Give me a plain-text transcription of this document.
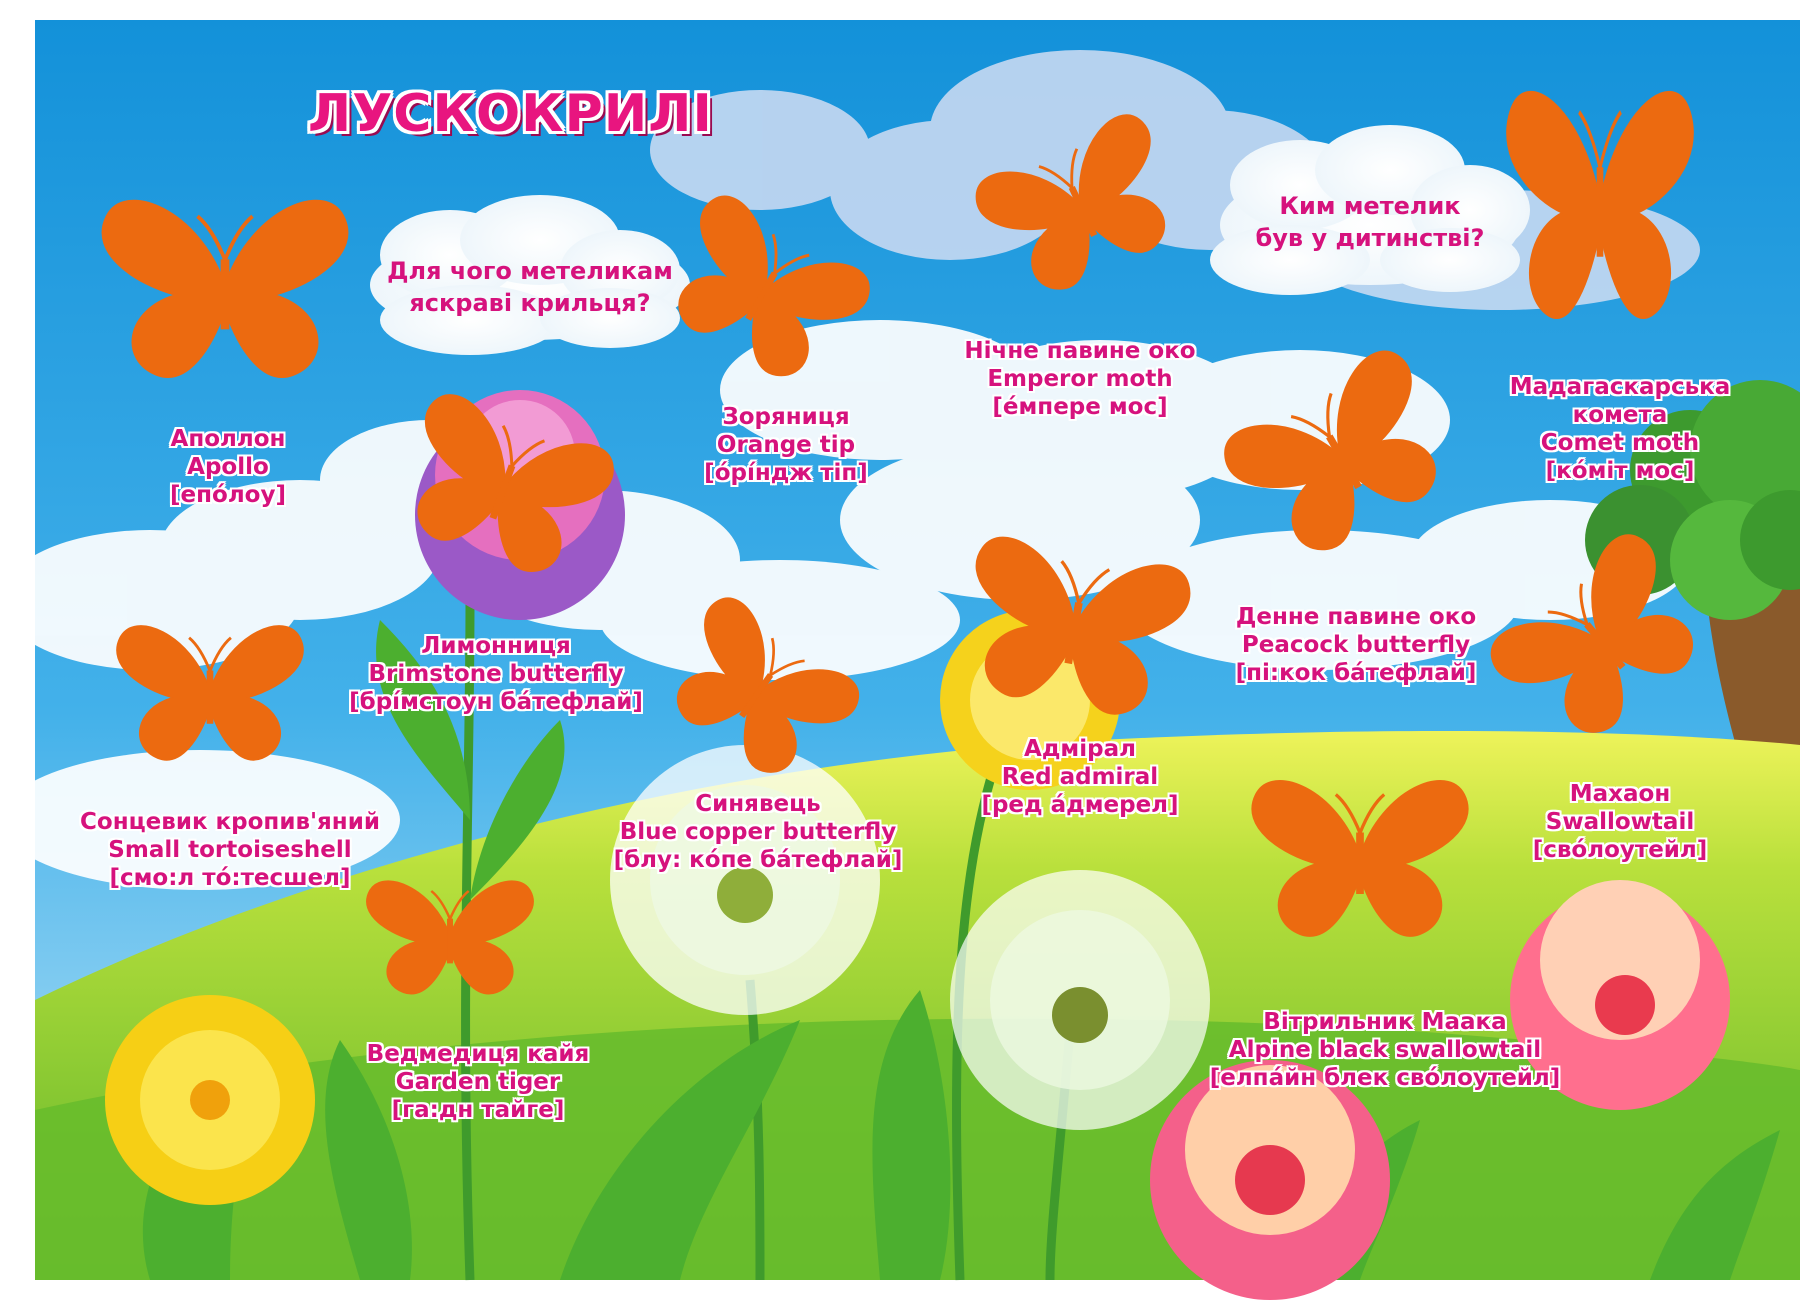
ЛУСКОКРИЛІ
Для чого метеликам
яскраві крильця?
Ким метелик
був у дитинстві?
Аполлон
Apollo
[епо́лоу]
Зоряниця
Orange tip
[о́рíндж тіп]
Нічне павине око
Emperor moth
[е́мпере мос]
Мадагаскарська комета
Comet moth
[ко́міт мос]
Лимонниця
Brimstone butterfly
[брі́мстоун ба́тефлай]
Денне павине око
Peacock butterfly
[пі:кок ба́тефлай]
Сонцевик кропив'яний
Small tortoiseshell
[смо:л то́:тесшел]
Синявець
Blue copper butterfly
[блу: ко́пе ба́тефлай]
Адмірал
Red admiral
[ред а́дмерел]	Махаон
Swallowtail
[сво́лоутейл]
Ведмедиця кайя
Garden tiger
[га:дн тайге]
Вітрильник Маака
Alpine black swallowtail
[елпа́йн блек сво́лоутейл]
